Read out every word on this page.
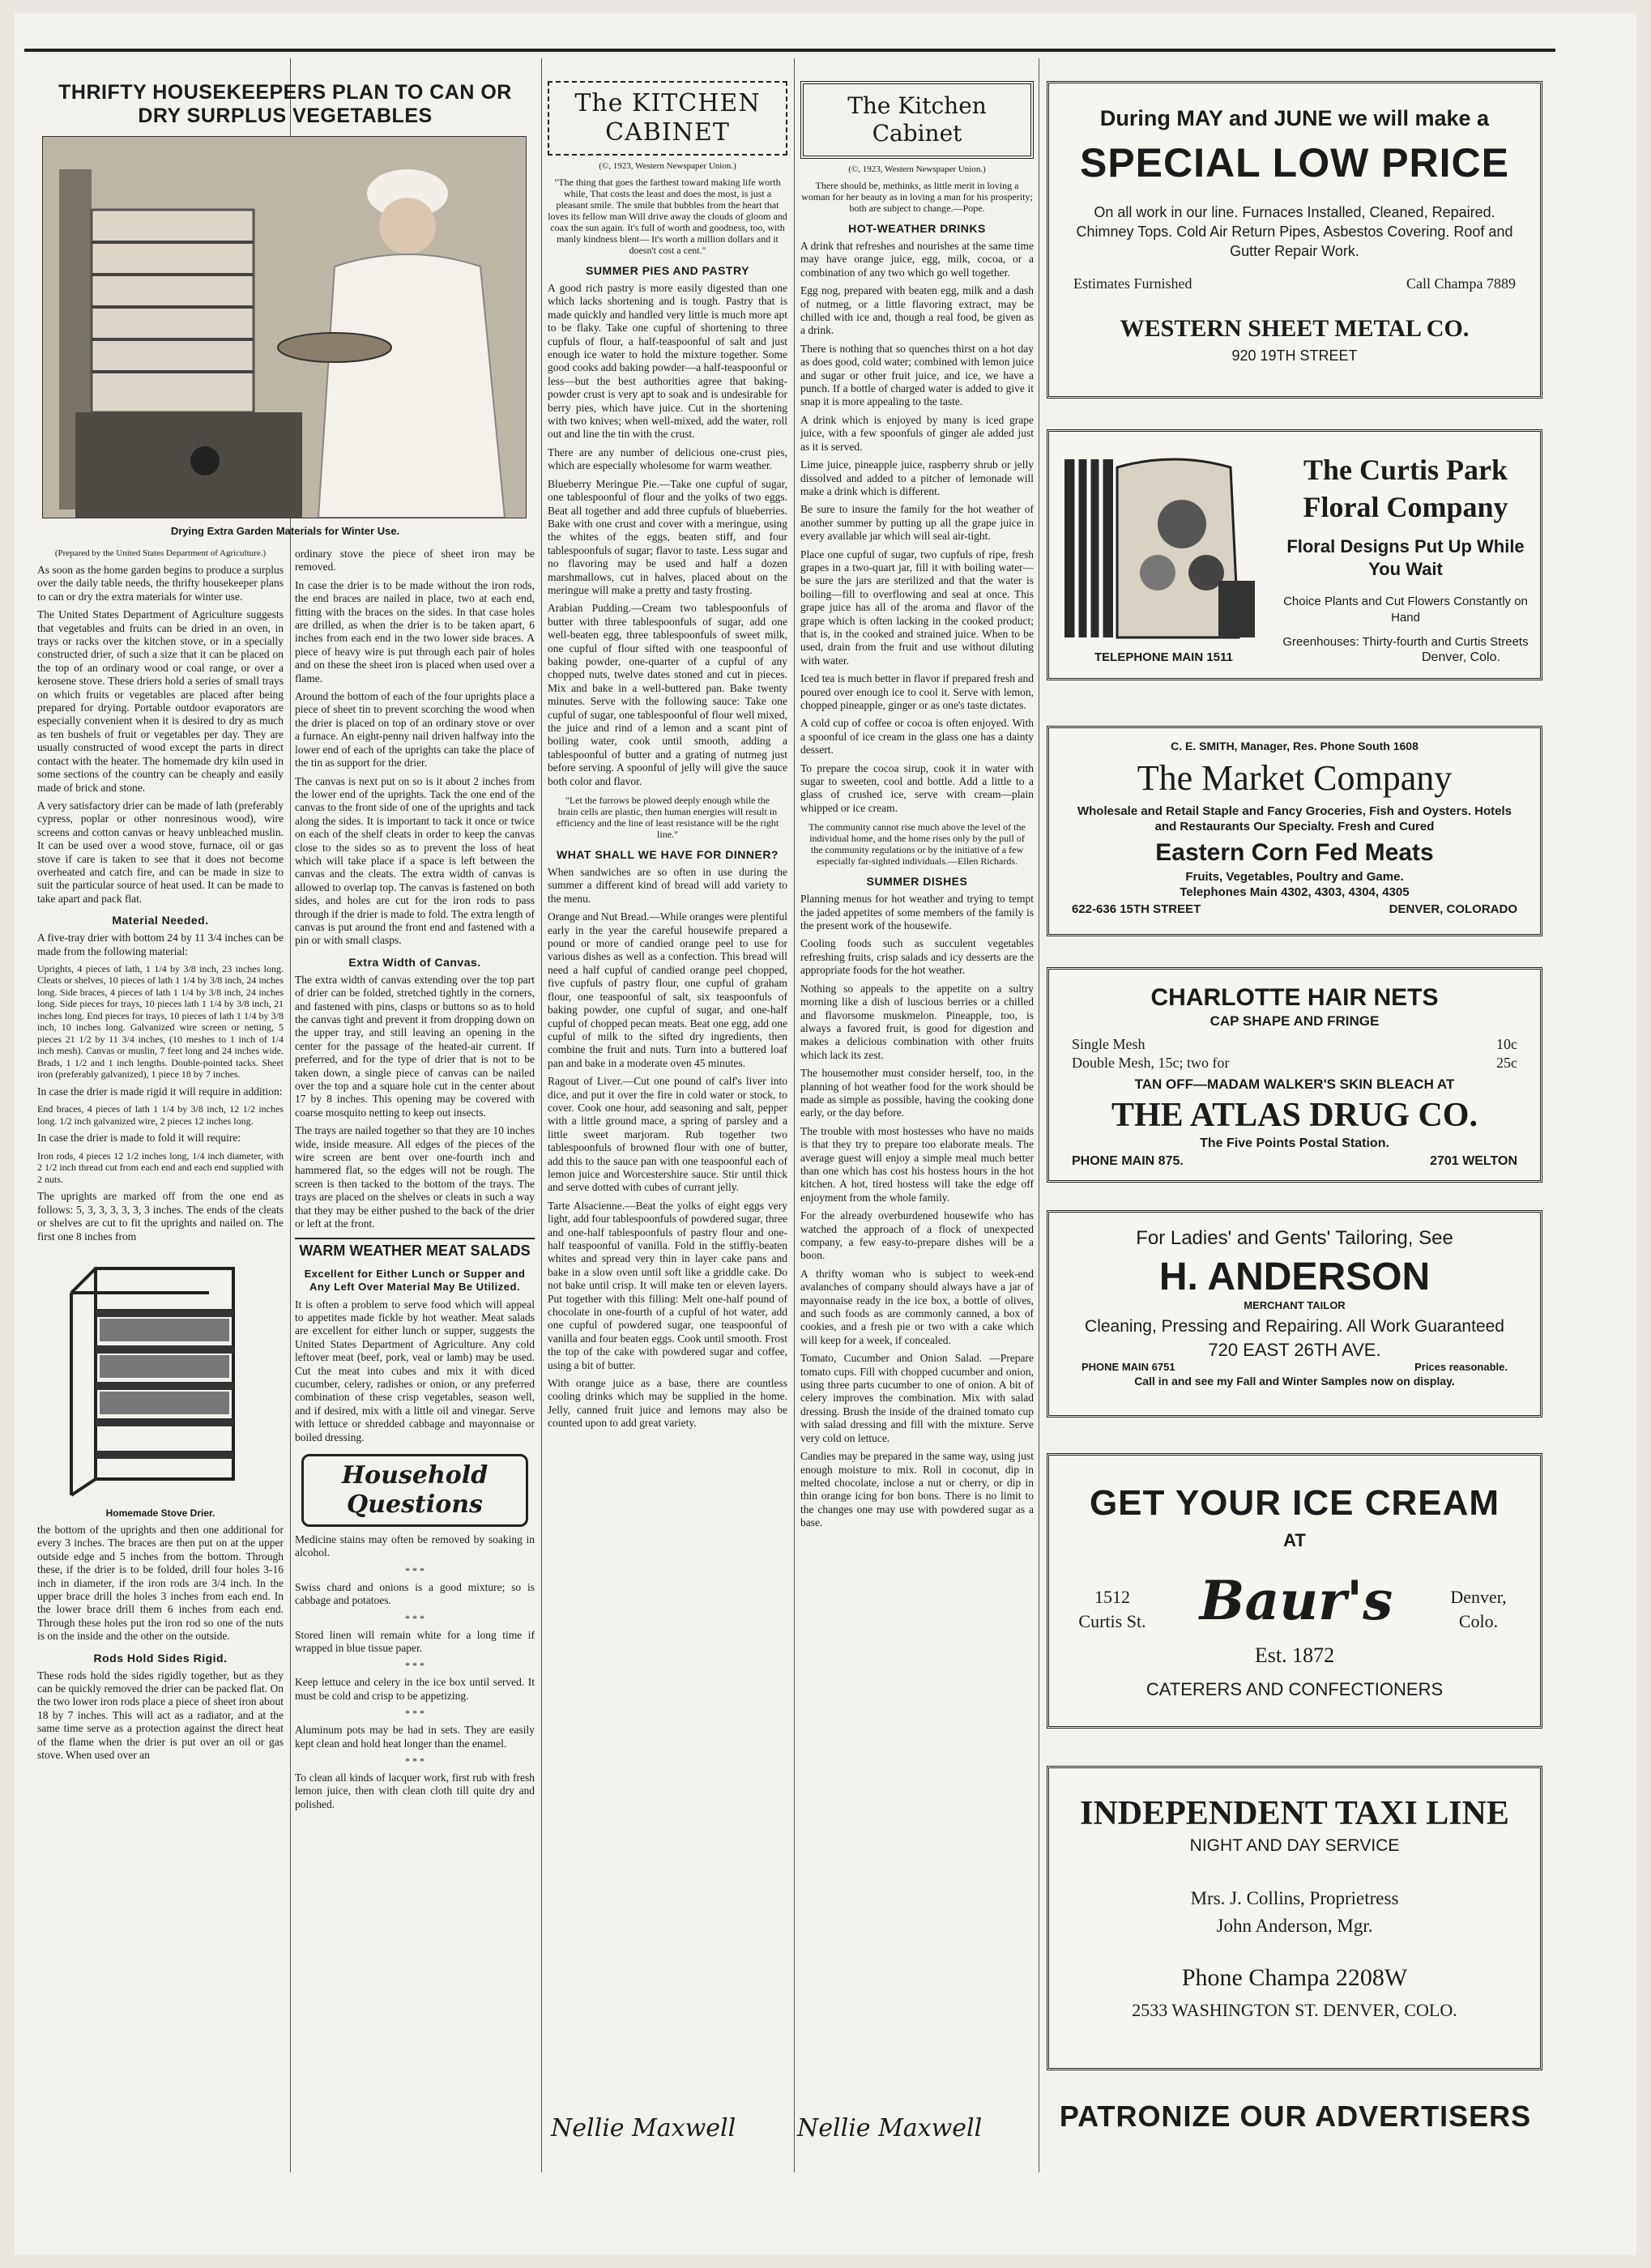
THRIFTY HOUSEKEEPERS PLAN TO CAN OR DRY SURPLUS VEGETABLES
Drying Extra Garden Materials for Winter Use.

(Prepared by the United States Department of Agriculture.)

As soon as the home garden begins to produce a surplus over the daily table needs, the thrifty housekeeper plans to can or dry the extra materials for winter use.

The United States Department of Agriculture suggests that vegetables and fruits can be dried in an oven, in trays or racks over the kitchen stove, or in a specially constructed drier, of such a size that it can be placed on the top of an ordinary wood or coal range, or over a kerosene stove. These driers hold a series of small trays on which fruits or vegetables are placed after being prepared for drying. Portable outdoor evaporators are especially convenient when it is desired to dry as much as ten bushels of fruit or vegetables per day. They are usually constructed of wood except the parts in direct contact with the heater. The homemade dry kiln used in some sections of the country can be cheaply and easily made of brick and stone.

A very satisfactory drier can be made of lath (preferably cypress, poplar or other nonresinous wood), wire screens and cotton canvas or heavy unbleached muslin. It can be used over a wood stove, furnace, oil or gas stove if care is taken to see that it does not become overheated and catch fire, and can be made in size to suit the particular source of heat used. It can be made to take apart and pack flat.

Material Needed.

A five-tray drier with bottom 24 by 11 3/4 inches can be made from the following material:

Uprights, 4 pieces of lath, 1 1/4 by 3/8 inch, 23 inches long. Cleats or shelves, 10 pieces of lath 1 1/4 by 3/8 inch, 24 inches long. Side braces, 4 pieces of lath 1 1/4 by 3/8 inch, 24 inches long. Side pieces for trays, 10 pieces lath 1 1/4 by 3/8 inch, 21 inches long. End pieces for trays, 10 pieces of lath 1 1/4 by 3/8 inch, 10 inches long. Galvanized wire screen or netting, 5 pieces 21 1/2 by 11 3/4 inches, (10 meshes to 1 inch of 1/4 inch mesh). Canvas or muslin, 7 feet long and 24 inches wide. Brads, 1 1/2 and 1 inch lengths. Double-pointed tacks. Sheet iron (preferably galvanized), 1 piece 18 by 7 inches.

In case the drier is made rigid it will require in addition:

End braces, 4 pieces of lath 1 1/4 by 3/8 inch, 12 1/2 inches long. 1/2 inch galvanized wire, 2 pieces 12 inches long.

In case the drier is made to fold it will require:

Iron rods, 4 pieces 12 1/2 inches long, 1/4 inch diameter, with 2 1/2 inch thread cut from each end and each end supplied with 2 nuts.

The uprights are marked off from the one end as follows: 5, 3, 3, 3, 3, 3, 3 inches. The ends of the cleats or shelves are cut to fit the uprights and nailed on. The first one 8 inches from

Homemade Stove Drier.

the bottom of the uprights and then one additional for every 3 inches. The braces are then put on at the upper outside edge and 5 inches from the bottom. Through these, if the drier is to be folded, drill four holes 3-16 inch in diameter, if the iron rods are 3/4 inch. In the upper brace drill the holes 3 inches from each end. In the lower brace drill them 6 inches from each end. Through these holes put the iron rod so one of the nuts is on the inside and the other on the outside.

Rods Hold Sides Rigid.

These rods hold the sides rigidly together, but as they can be quickly removed the drier can be packed flat. On the two lower iron rods place a piece of sheet iron about 18 by 7 inches. This will act as a radiator, and at the same time serve as a protection against the direct heat of the flame when the drier is put over an oil or gas stove. When used over an

ordinary stove the piece of sheet iron may be removed.

In case the drier is to be made without the iron rods, the end braces are nailed in place, two at each end, fitting with the braces on the sides. In that case holes are drilled, as when the drier is to be taken apart, 6 inches from each end in the two lower side braces. A piece of heavy wire is put through each pair of holes and on these the sheet iron is placed when used over a flame.

Around the bottom of each of the four uprights place a piece of sheet tin to prevent scorching the wood when the drier is placed on top of an ordinary stove or over a furnace. An eight-penny nail driven halfway into the lower end of each of the uprights can take the place of the tin as support for the drier.

The canvas is next put on so is it about 2 inches from the lower end of the uprights. Tack the one end of the canvas to the front side of one of the uprights and tack along the sides. It is important to tack it once or twice on each of the shelf cleats in order to keep the canvas close to the sides so as to prevent the loss of heat which will take place if a space is left between the canvas and the cleats. The extra width of canvas is allowed to overlap top. The canvas is fastened on both sides, and holes are cut for the iron rods to pass through if the drier is made to fold. The extra length of canvas is put around the front end and fastened with a pin or with small clasps.

Extra Width of Canvas.

The extra width of canvas extending over the top part of drier can be folded, stretched tightly in the corners, and fastened with pins, clasps or buttons so as to hold the canvas tight and prevent it from dropping down on the upper tray, and still leaving an opening in the center for the passage of the heated-air current. If preferred, and for the type of drier that is not to be taken down, a single piece of canvas can be nailed over the top and a square hole cut in the center about 17 by 8 inches. This opening may be covered with coarse mosquito netting to keep out insects.

The trays are nailed together so that they are 10 inches wide, inside measure. All edges of the pieces of the wire screen are bent over one-fourth inch and hammered flat, so the edges will not be rough. The screen is then tacked to the bottom of the trays. The trays are placed on the shelves or cleats in such a way that they may be either pushed to the back of the drier or left at the front.

WARM WEATHER MEAT SALADS

Excellent for Either Lunch or Supper and Any Left Over Material May Be Utilized.

It is often a problem to serve food which will appeal to appetites made fickle by hot weather. Meat salads are excellent for either lunch or supper, suggests the United States Department of Agriculture. Any cold leftover meat (beef, pork, veal or lamb) may be used. Cut the meat into cubes and mix it with diced cucumber, celery, radishes or onion, or any preferred combination of these crisp vegetables, season well, and if desired, mix with a little oil and vinegar. Serve with lettuce or shredded cabbage and mayonnaise or boiled dressing.

Household Questions

Medicine stains may often be removed by soaking in alcohol.

* * *

Swiss chard and onions is a good mixture; so is cabbage and potatoes.

* * *

Stored linen will remain white for a long time if wrapped in blue tissue paper.

* * *

Keep lettuce and celery in the ice box until served. It must be cold and crisp to be appetizing.

* * *

Aluminum pots may be had in sets. They are easily kept clean and hold heat longer than the enamel.

* * *

To clean all kinds of lacquer work, first rub with fresh lemon juice, then with clean cloth till quite dry and polished.

The KITCHEN CABINET

(©, 1923, Western Newspaper Union.)

"The thing that goes the farthest toward making life worth while, That costs the least and does the most, is just a pleasant smile. The smile that bubbles from the heart that loves its fellow man Will drive away the clouds of gloom and coax the sun again. It's full of worth and goodness, too, with manly kindness blent— It's worth a million dollars and it doesn't cost a cent."

SUMMER PIES AND PASTRY

A good rich pastry is more easily digested than one which lacks shortening and is tough. Pastry that is made quickly and handled very little is much more apt to be flaky. Take one cupful of shortening to three cupfuls of flour, a half-teaspoonful of salt and just enough ice water to hold the mixture together. Some good cooks add baking powder—a half-teaspoonful or less—but the best authorities agree that baking-powder crust is very apt to soak and is undesirable for berry pies, which have juice. Cut in the shortening with two knives; when well-mixed, add the water, roll out and line the tin with the crust.

There are any number of delicious one-crust pies, which are especially wholesome for warm weather.

Blueberry Meringue Pie.—Take one cupful of sugar, one tablespoonful of flour and the yolks of two eggs. Beat all together and add three cupfuls of blueberries. Bake with one crust and cover with a meringue, using the whites of the eggs, beaten stiff, and four tablespoonfuls of sugar; flavor to taste. Less sugar and no flavoring may be used and half a dozen marshmallows, cut in halves, placed about on the meringue will make a pretty and tasty frosting.

Arabian Pudding.—Cream two tablespoonfuls of butter with three tablespoonfuls of sugar, add one well-beaten egg, three tablespoonfuls of sweet milk, one cupful of flour sifted with one teaspoonful of baking powder, one-quarter of a cupful of any chopped nuts, twelve dates stoned and cut in pieces. Mix and bake in a well-buttered pan. Bake twenty minutes. Serve with the following sauce: Take one cupful of sugar, one tablespoonful of flour well mixed, the juice and rind of a lemon and a scant pint of boiling water, cook until smooth, adding a tablespoonful of butter and a grating of nutmeg just before serving. A spoonful of jelly will give the sauce both color and flavor.

"Let the furrows be plowed deeply enough while the brain cells are plastic, then human energies will result in efficiency and the line of least resistance will be the right line."

WHAT SHALL WE HAVE FOR DINNER?

When sandwiches are so often in use during the summer a different kind of bread will add variety to the menu.

Orange and Nut Bread.—While oranges were plentiful early in the year the careful housewife prepared a pound or more of candied orange peel to use for various dishes as well as a confection. This bread will need a half cupful of candied orange peel chopped, five cupfuls of pastry flour, one cupful of graham flour, one teaspoonful of salt, six teaspoonfuls of baking powder, one cupful of sugar, and one-half cupful of chopped pecan meats. Beat one egg, add one cupful of milk to the sifted dry ingredients, then combine the fruit and nuts. Turn into a buttered loaf pan and bake in a moderate oven 45 minutes.

Ragout of Liver.—Cut one pound of calf's liver into dice, and put it over the fire in cold water or stock, to cover. Cook one hour, add seasoning and salt, pepper with a little ground mace, a spring of parsley and a little sweet marjoram. Rub together two tablespoonfuls of browned flour with one of butter, add this to the sauce pan with one teaspoonful each of lemon juice and Worcestershire sauce. Stir until thick and serve dotted with cubes of currant jelly.

Tarte Alsacienne.—Beat the yolks of eight eggs very light, add four tablespoonfuls of powdered sugar, three and one-half tablespoonfuls of pastry flour and one-half teaspoonful of vanilla. Fold in the stiffly-beaten whites and spread very thin in layer cake pans and bake in a slow oven until soft like a griddle cake. Do not bake until crisp. It will make ten or eleven layers. Put together with this filling: Melt one-half pound of chocolate in one-fourth of a cupful of hot water, add one cupful of powdered sugar, one teaspoonful of vanilla and four beaten eggs. Cook until smooth. Frost the top of the cake with powdered sugar and coffee, using a bit of butter.

With orange juice as a base, there are countless cooling drinks which may be supplied in the home. Jelly, canned fruit juice and lemons may also be counted upon to add great variety.

Nellie Maxwell
The Kitchen Cabinet

(©, 1923, Western Newspaper Union.)

There should be, methinks, as little merit in loving a woman for her beauty as in loving a man for his prosperity; both are subject to change.—Pope.

HOT-WEATHER DRINKS

A drink that refreshes and nourishes at the same time may have orange juice, egg, milk, cocoa, or a combination of any two which go well together.

Egg nog, prepared with beaten egg, milk and a dash of nutmeg, or a little flavoring extract, may be chilled with ice and, though a real food, be given as a drink.

There is nothing that so quenches thirst on a hot day as does good, cold water; combined with lemon juice and sugar or other fruit juice, and ice, we have a punch. If a bottle of charged water is added to give it snap it is more appealing to the taste.

A drink which is enjoyed by many is iced grape juice, with a few spoonfuls of ginger ale added just as it is served.

Lime juice, pineapple juice, raspberry shrub or jelly dissolved and added to a pitcher of lemonade will make a drink which is different.

Be sure to insure the family for the hot weather of another summer by putting up all the grape juice in every available jar which will seal air-tight.

Place one cupful of sugar, two cupfuls of ripe, fresh grapes in a two-quart jar, fill it with boiling water—be sure the jars are sterilized and that the water is boiling—fill to overflowing and seal at once. This grape juice has all of the aroma and flavor of the grape which is often lacking in the cooked product; that is, in the cooked and strained juice. When to be used, drain from the fruit and use without diluting with water.

Iced tea is much better in flavor if prepared fresh and poured over enough ice to cool it. Serve with lemon, chopped pineapple, ginger or as one's taste dictates.

A cold cup of coffee or cocoa is often enjoyed. With a spoonful of ice cream in the glass one has a dainty dessert.

To prepare the cocoa sirup, cook it in water with sugar to sweeten, cool and bottle. Add a little to a glass of crushed ice, serve with cream—plain whipped or ice cream.

The community cannot rise much above the level of the individual home, and the home rises only by the pull of the community regulations or by the initiative of a few especially far-sighted individuals.—Ellen Richards.

SUMMER DISHES

Planning menus for hot weather and trying to tempt the jaded appetites of some members of the family is the present work of the housewife.

Cooling foods such as succulent vegetables refreshing fruits, crisp salads and icy desserts are the appropriate foods for the hot weather.

Nothing so appeals to the appetite on a sultry morning like a dish of luscious berries or a chilled and flavorsome muskmelon. Pineapple, too, is always a favored fruit, is good for digestion and makes a delicious combination with other fruits which lack its zest.

The housemother must consider herself, too, in the planning of hot weather food for the work should be made as simple as possible, having the cooking done early, or the day before.

The trouble with most hostesses who have no maids is that they try to prepare too elaborate meals. The average guest will enjoy a simple meal much better than one which has cost his hostess hours in the hot kitchen. A hot, tired hostess will take the edge off enjoyment from the whole family.

For the already overburdened housewife who has watched the approach of a flock of unexpected company, a few easy-to-prepare dishes will be a boon.

A thrifty woman who is subject to week-end avalanches of company should always have a jar of mayonnaise ready in the ice box, a bottle of olives, and such foods as are commonly canned, a box of cookies, and a fresh pie or two with a cake which will keep for a week, if concealed.

Tomato, Cucumber and Onion Salad. —Prepare tomato cups. Fill with chopped cucumber and onion, using three parts cucumber to one of onion. A bit of celery improves the combination. Mix with salad dressing. Brush the inside of the drained tomato cup with salad dressing and fill with the mixture. Serve very cold on lettuce.

Candies may be prepared in the same way, using just enough moisture to mix. Roll in coconut, dip in melted chocolate, inclose a nut or cherry, or dip in thin orange icing for bon bons. There is no limit to the changes one may use with powdered sugar as a base.

Nellie Maxwell
During MAY and JUNE we will make a
SPECIAL LOW PRICE
On all work in our line. Furnaces Installed, Cleaned, Repaired. Chimney Tops. Cold Air Return Pipes, Asbestos Covering. Roof and Gutter Repair Work.
Estimates Furnished	Call Champa 7889
WESTERN SHEET METAL CO.
920 19TH STREET
The Curtis Park
Floral Company
Floral Designs Put Up While You Wait
Choice Plants and Cut Flowers Constantly on Hand
Greenhouses: Thirty-fourth and Curtis Streets
TELEPHONE MAIN 1511	Denver, Colo.
C. E. SMITH, Manager, Res. Phone South 1608
The Market Company
Wholesale and Retail Staple and Fancy Groceries, Fish and Oysters. Hotels and Restaurants Our Specialty. Fresh and Cured
Eastern Corn Fed Meats
Fruits, Vegetables, Poultry and Game.
Telephones Main 4302, 4303, 4304, 4305
622-636 15TH STREET	DENVER, COLORADO
CHARLOTTE HAIR NETS
CAP SHAPE AND FRINGE
Single Mesh	10c
Double Mesh, 15c; two for	25c
TAN OFF—MADAM WALKER'S SKIN BLEACH AT
THE ATLAS DRUG CO.
The Five Points Postal Station.
PHONE MAIN 875.	2701 WELTON
For Ladies' and Gents' Tailoring, See
H. ANDERSON
MERCHANT TAILOR
Cleaning, Pressing and Repairing. All Work Guaranteed
720 EAST 26TH AVE.
PHONE MAIN 6751	Prices reasonable.
Call in and see my Fall and Winter Samples now on display.
GET YOUR ICE CREAM
AT
1512 Curtis St.	Baur's	Denver, Colo.
Est. 1872
CATERERS AND CONFECTIONERS
INDEPENDENT TAXI LINE
NIGHT AND DAY SERVICE
Mrs. J. Collins, Proprietress
John Anderson, Mgr.
Phone Champa 2208W
2533 WASHINGTON ST. DENVER, COLO.
PATRONIZE OUR ADVERTISERS
